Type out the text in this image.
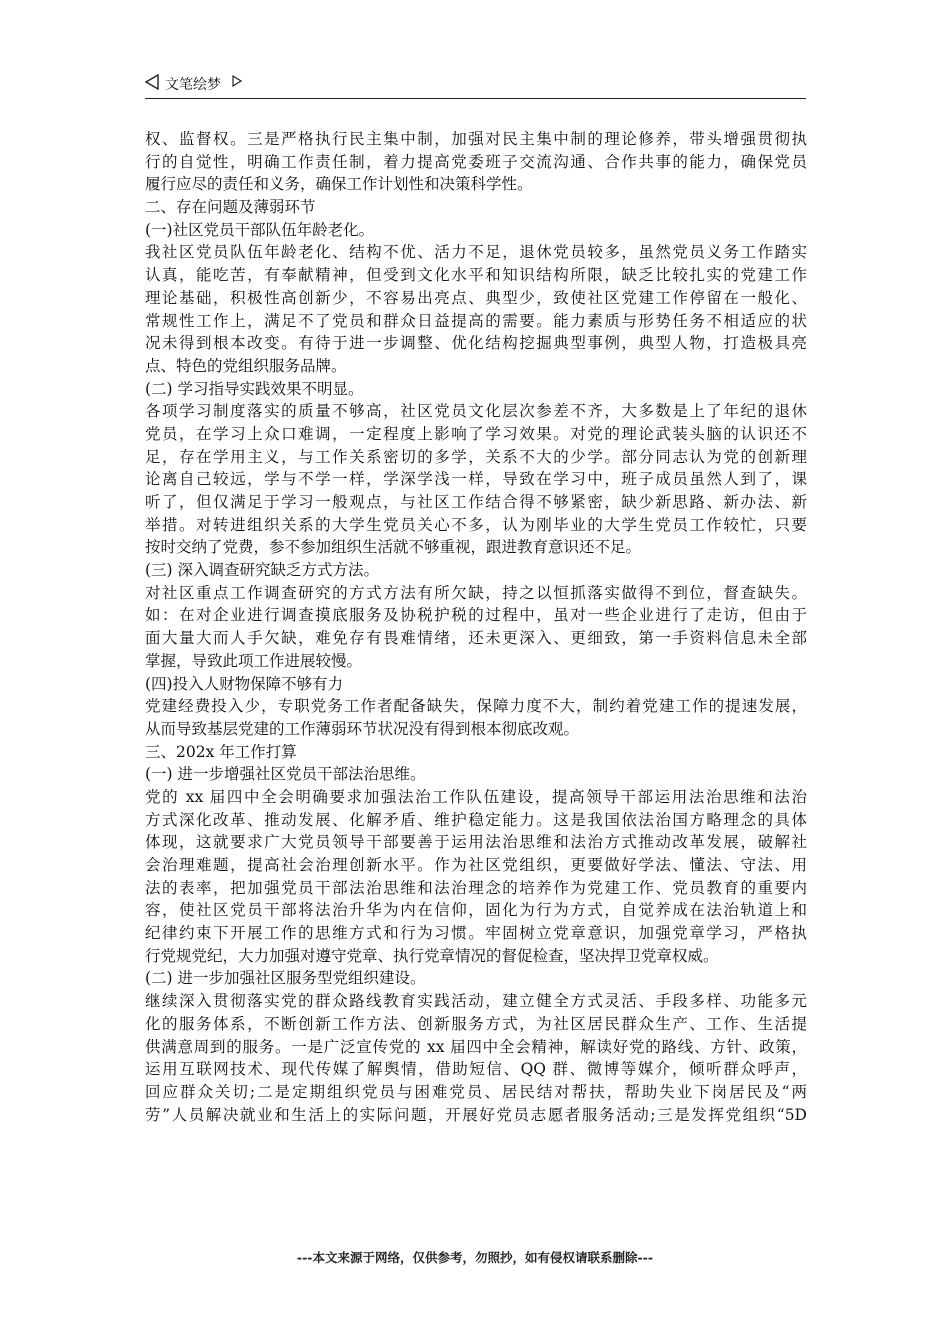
文笔绘梦
权、监督权。三是严格执行民主集中制，加强对民主集中制的理论修养，带头增强贯彻执
行的自觉性，明确工作责任制，着力提高党委班子交流沟通、合作共事的能力，确保党员
履行应尽的责任和义务，确保工作计划性和决策科学性。
二、存在问题及薄弱环节
(一)社区党员干部队伍年龄老化。
我社区党员队伍年龄老化、结构不优、活力不足，退休党员较多，虽然党员义务工作踏实
认真，能吃苦，有奉献精神，但受到文化水平和知识结构所限，缺乏比较扎实的党建工作
理论基础，积极性高创新少，不容易出亮点、典型少，致使社区党建工作停留在一般化、
常规性工作上，满足不了党员和群众日益提高的需要。能力素质与形势任务不相适应的状
况未得到根本改变。有待于进一步调整、优化结构挖掘典型事例，典型人物，打造极具亮
点、特色的党组织服务品牌。
(二) 学习指导实践效果不明显。
各项学习制度落实的质量不够高，社区党员文化层次参差不齐，大多数是上了年纪的退休
党员，在学习上众口难调，一定程度上影响了学习效果。对党的理论武装头脑的认识还不
足，存在学用主义，与工作关系密切的多学，关系不大的少学。部分同志认为党的创新理
论离自己较远，学与不学一样，学深学浅一样，导致在学习中，班子成员虽然人到了，课
听了，但仅满足于学习一般观点，与社区工作结合得不够紧密，缺少新思路、新办法、新
举措。对转进组织关系的大学生党员关心不多，认为刚毕业的大学生党员工作较忙，只要
按时交纳了党费，参不参加组织生活就不够重视，跟进教育意识还不足。
(三) 深入调查研究缺乏方式方法。
对社区重点工作调查研究的方式方法有所欠缺，持之以恒抓落实做得不到位，督查缺失。
如：在对企业进行调查摸底服务及协税护税的过程中，虽对一些企业进行了走访，但由于
面大量大而人手欠缺，难免存有畏难情绪，还未更深入、更细致，第一手资料信息未全部
掌握，导致此项工作进展较慢。
(四)投入人财物保障不够有力
党建经费投入少，专职党务工作者配备缺失，保障力度不大，制约着党建工作的提速发展，
从而导致基层党建的工作薄弱环节状况没有得到根本彻底改观。
三、202x 年工作打算
(一) 进一步增强社区党员干部法治思维。
党的 xx 届四中全会明确要求加强法治工作队伍建设，提高领导干部运用法治思维和法治
方式深化改革、推动发展、化解矛盾、维护稳定能力。这是我国依法治国方略理念的具体
体现，这就要求广大党员领导干部要善于运用法治思维和法治方式推动改革发展，破解社
会治理难题，提高社会治理创新水平。作为社区党组织，更要做好学法、懂法、守法、用
法的表率，把加强党员干部法治思维和法治理念的培养作为党建工作、党员教育的重要内
容，使社区党员干部将法治升华为内在信仰，固化为行为方式，自觉养成在法治轨道上和
纪律约束下开展工作的思维方式和行为习惯。牢固树立党章意识，加强党章学习，严格执
行党规党纪，大力加强对遵守党章、执行党章情况的督促检查，坚决捍卫党章权威。
(二) 进一步加强社区服务型党组织建设。
继续深入贯彻落实党的群众路线教育实践活动，建立健全方式灵活、手段多样、功能多元
化的服务体系，不断创新工作方法、创新服务方式，为社区居民群众生产、工作、生活提
供满意周到的服务。一是广泛宣传党的 xx 届四中全会精神，解读好党的路线、方针、政策，
运用互联网技术、现代传媒了解舆情，借助短信、QQ 群、微博等媒介，倾听群众呼声，
回应群众关切;二是定期组织党员与困难党员、居民结对帮扶，帮助失业下岗居民及“两
劳”人员解决就业和生活上的实际问题，开展好党员志愿者服务活动;三是发挥党组织“5D
---本文来源于网络，仅供参考，勿照抄，如有侵权请联系删除---
